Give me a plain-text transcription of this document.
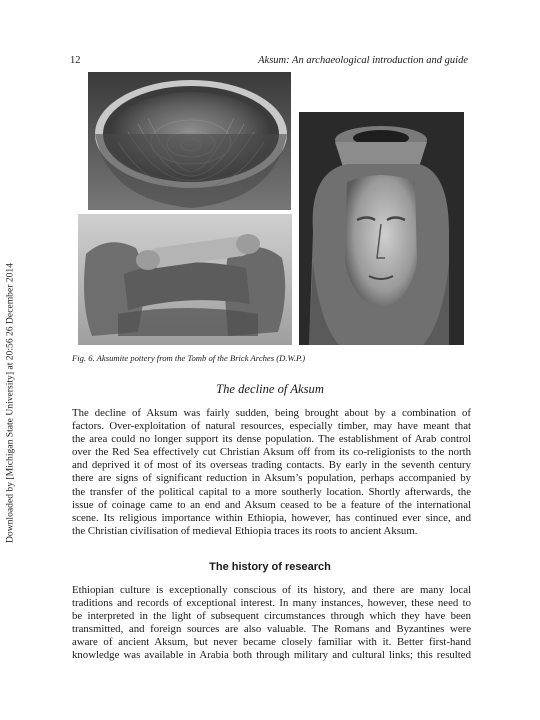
Downloaded by [Michigan State University] at 20:56 26 December 2014
12	Aksum: An archaeological introduction and guide
Fig. 6. Aksumite pottery from the Tomb of the Brick Arches (D.W.P.)
The decline of Aksum
The decline of Aksum was fairly sudden, being brought about by a combination of
factors. Over-exploitation of natural resources, especially timber, may have meant that
the area could no longer support its dense population. The establishment of Arab control
over the Red Sea effectively cut Christian Aksum off from its co-religionists to the north
and deprived it of most of its overseas trading contacts. By early in the seventh century
there are signs of significant reduction in Aksum’s population, perhaps accompanied by
the transfer of the political capital to a more southerly location. Shortly afterwards, the
issue of coinage came to an end and Aksum ceased to be a feature of the international
scene. Its religious importance within Ethiopia, however, has continued ever since, and
the Christian civilisation of medieval Ethiopia traces its roots to ancient Aksum.
The history of research
Ethiopian culture is exceptionally conscious of its history, and there are many local
traditions and records of exceptional interest. In many instances, however, these need to
be interpreted in the light of subsequent circumstances through which they have been
transmitted, and foreign sources are also valuable. The Romans and Byzantines were
aware of ancient Aksum, but never became closely familiar with it. Better first-hand
knowledge was available in Arabia both through military and cultural links; this resulted
